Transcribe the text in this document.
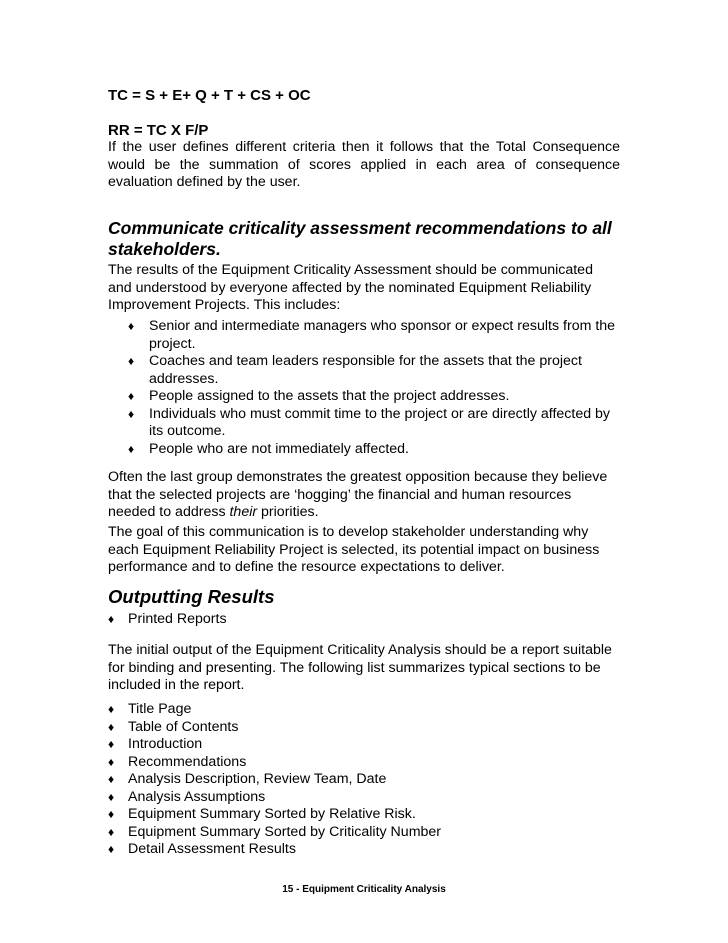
TC = S + E+ Q + T + CS + OC
RR = TC X F/P
If the user defines different criteria then it follows that the Total Consequence would be the summation of scores applied in each area of consequence evaluation defined by the user.
Communicate criticality assessment recommendations to all stakeholders.
The results of the Equipment Criticality Assessment should be communicated and understood by everyone affected by the nominated Equipment Reliability Improvement Projects. This includes:
♦	Senior and intermediate managers who sponsor or expect results from the project.
♦	Coaches and team leaders responsible for the assets that the project addresses.
♦	People assigned to the assets that the project addresses.
♦	Individuals who must commit time to the project or are directly affected by its outcome.
♦	People who are not immediately affected.
Often the last group demonstrates the greatest opposition because they believe that the selected projects are ‘hogging’ the financial and human resources needed to address their priorities.
The goal of this communication is to develop stakeholder understanding why each Equipment Reliability Project is selected, its potential impact on business performance and to define the resource expectations to deliver.
Outputting Results
♦ Printed Reports
The initial output of the Equipment Criticality Analysis should be a report suitable for binding and presenting. The following list summarizes typical sections to be included in the report.
♦ Title Page
♦ Table of Contents
♦ Introduction
♦ Recommendations
♦ Analysis Description, Review Team, Date
♦ Analysis Assumptions
♦ Equipment Summary Sorted by Relative Risk.
♦ Equipment Summary Sorted by Criticality Number
♦ Detail Assessment Results
15 - Equipment Criticality Analysis
